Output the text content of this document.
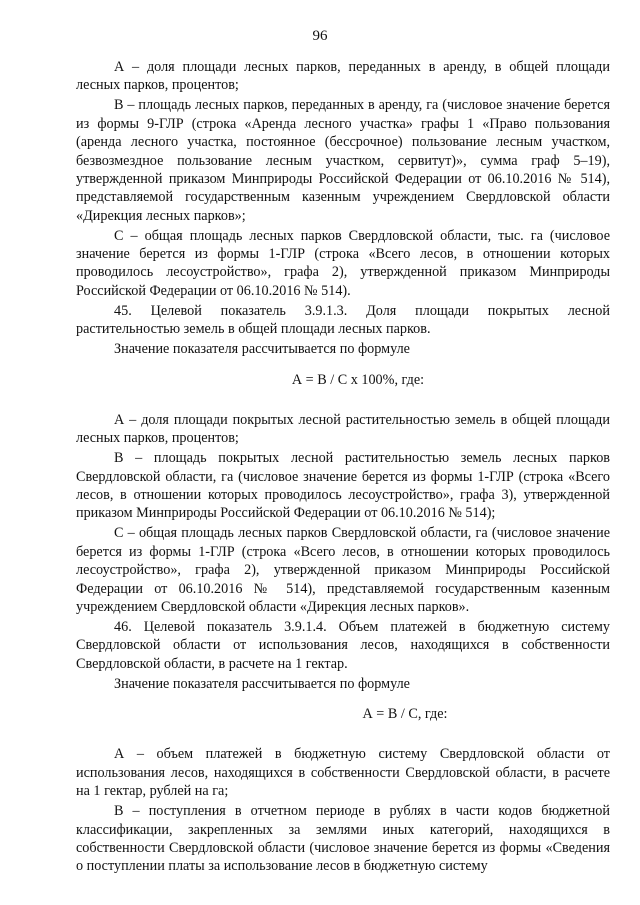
96

А – доля площади лесных парков, переданных в аренду, в общей площади лесных парков, процентов;

В – площадь лесных парков, переданных в аренду, га (числовое значение берется из формы 9-ГЛР (строка «Аренда лесного участка» графы 1 «Право пользования (аренда лесного участка, постоянное (бессрочное) пользование лесным участком, безвозмездное пользование лесным участком, сервитут)», сумма граф 5–19), утвержденной приказом Минприроды Российской Федерации от 06.10.2016 № 514), представляемой государственным казенным учреждением Свердловской области «Дирекция лесных парков»;

С – общая площадь лесных парков Свердловской области, тыс. га (числовое значение берется из формы 1-ГЛР (строка «Всего лесов, в отношении которых проводилось лесоустройство», графа 2), утвержденной приказом Минприроды Российской Федерации от 06.10.2016 № 514).

45. Целевой показатель 3.9.1.3. Доля площади покрытых лесной растительностью земель в общей площади лесных парков.

Значение показателя рассчитывается по формуле

А = В / С x 100%, где:

А – доля площади покрытых лесной растительностью земель в общей площади лесных парков, процентов;

В – площадь покрытых лесной растительностью земель лесных парков Свердловской области, га (числовое значение берется из формы 1-ГЛР (строка «Всего лесов, в отношении которых проводилось лесоустройство», графа 3), утвержденной приказом Минприроды Российской Федерации от 06.10.2016 № 514);

С – общая площадь лесных парков Свердловской области, га (числовое значение берется из формы 1-ГЛР (строка «Всего лесов, в отношении которых проводилось лесоустройство», графа 2), утвержденной приказом Минприроды Российской Федерации от 06.10.2016 № 514), представляемой государственным казенным учреждением Свердловской области «Дирекция лесных парков».

46. Целевой показатель 3.9.1.4. Объем платежей в бюджетную систему Свердловской области от использования лесов, находящихся в собственности Свердловской области, в расчете на 1 гектар.

Значение показателя рассчитывается по формуле

А = В / С, где:

А – объем платежей в бюджетную систему Свердловской области от использования лесов, находящихся в собственности Свердловской области, в расчете на 1 гектар, рублей на га;

В – поступления в отчетном периоде в рублях в части кодов бюджетной классификации, закрепленных за землями иных категорий, находящихся в собственности Свердловской области (числовое значение берется из формы «Сведения о поступлении платы за использование лесов в бюджетную систему
